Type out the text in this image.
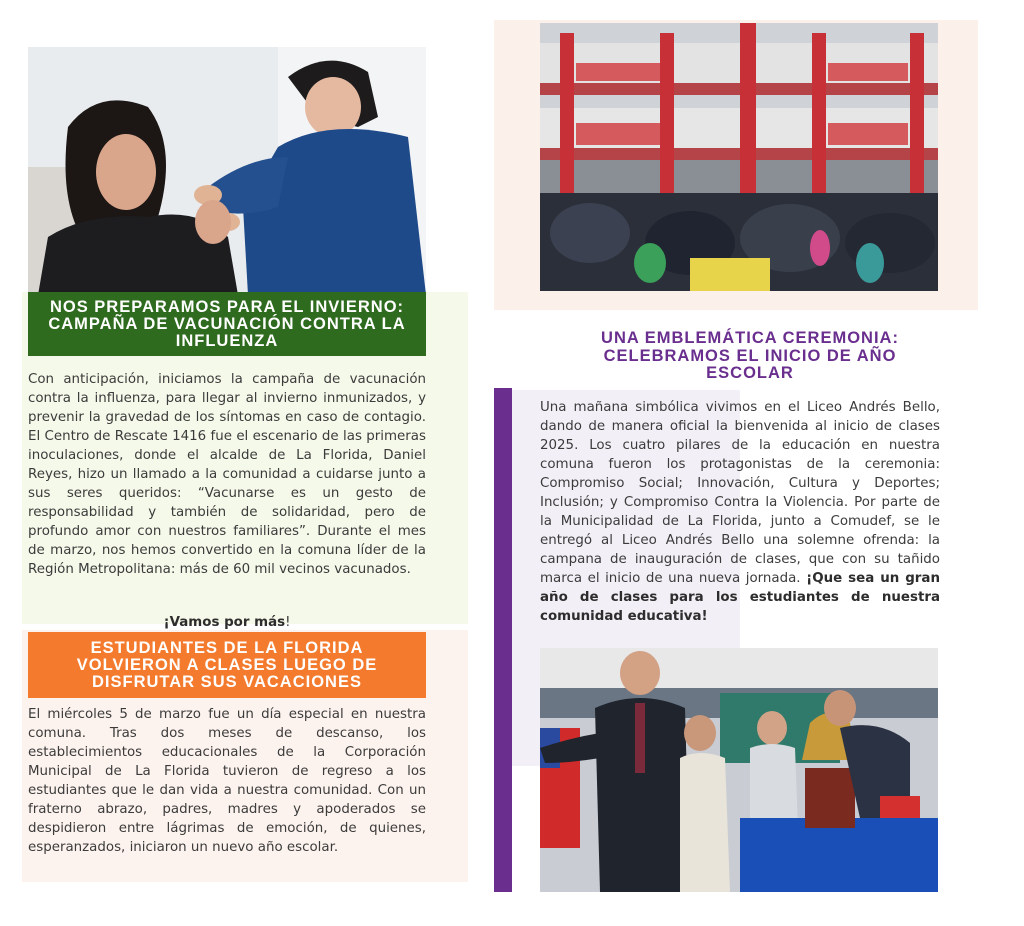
NOS PREPARAMOS PARA EL INVIERNO: CAMPAÑA DE VACUNACIÓN CONTRA LA INFLUENZA
Con anticipación, iniciamos la campaña de vacunación contra la influenza, para llegar al invierno inmunizados, y prevenir la gravedad de los síntomas en caso de contagio. El Centro de Rescate 1416 fue el escenario de las primeras inoculaciones, donde el alcalde de La Florida, Daniel Reyes, hizo un llamado a la comunidad a cuidarse junto a sus seres queridos: “Vacunarse es un gesto de responsabilidad y también de solidaridad, pero de profundo amor con nuestros familiares”. Durante el mes de marzo, nos hemos convertido en la comuna líder de la Región Metropolitana: más de 60 mil vecinos vacunados.
¡Vamos por más!
ESTUDIANTES DE LA FLORIDA VOLVIERON A CLASES LUEGO DE DISFRUTAR SUS VACACIONES
El miércoles 5 de marzo fue un día especial en nuestra comuna. Tras dos meses de descanso, los establecimientos educacionales de la Corporación Municipal de La Florida tuvieron de regreso a los estudiantes que le dan vida a nuestra comunidad. Con un fraterno abrazo, padres, madres y apoderados se despidieron entre lágrimas de emoción, de quienes, esperanzados, iniciaron un nuevo año escolar.
UNA EMBLEMÁTICA CEREMONIA: CELEBRAMOS EL INICIO DE AÑO ESCOLAR
Una mañana simbólica vivimos en el Liceo Andrés Bello, dando de manera oficial la bienvenida al inicio de clases 2025. Los cuatro pilares de la educación en nuestra comuna fueron los protagonistas de la ceremonia: Compromiso Social; Innovación, Cultura y Deportes; Inclusión; y Compromiso Contra la Violencia. Por parte de la Municipalidad de La Florida, junto a Comudef, se le entregó al Liceo Andrés Bello una solemne ofrenda: la campana de inauguración de clases, que con su tañido marca el inicio de una nueva jornada. ¡Que sea un gran año de clases para los estudiantes de nuestra comunidad educativa!
